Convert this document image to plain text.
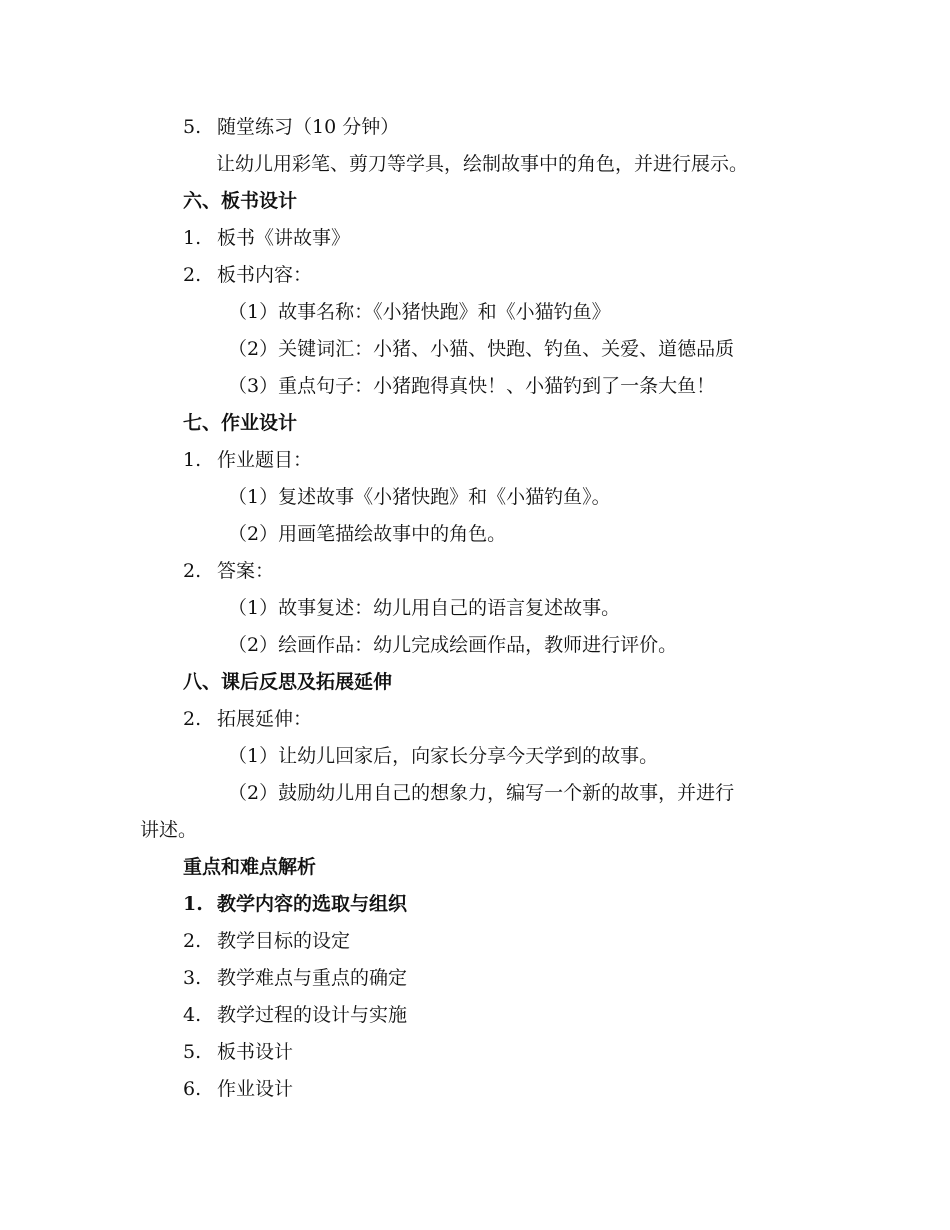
5. 随堂练习（10 分钟）
让幼儿用彩笔、剪刀等学具，绘制故事中的角色，并进行展示。
六、板书设计
1. 板书《讲故事》
2. 板书内容：
（1）故事名称：《小猪快跑》和《小猫钓鱼》
（2）关键词汇：小猪、小猫、快跑、钓鱼、关爱、道德品质
（3）重点句子：小猪跑得真快！、小猫钓到了一条大鱼！
七、作业设计
1. 作业题目：
（1）复述故事《小猪快跑》和《小猫钓鱼》。
（2）用画笔描绘故事中的角色。
2. 答案：
（1）故事复述：幼儿用自己的语言复述故事。
（2）绘画作品：幼儿完成绘画作品，教师进行评价。
八、课后反思及拓展延伸
2. 拓展延伸：
（1）让幼儿回家后，向家长分享今天学到的故事。
（2）鼓励幼儿用自己的想象力，编写一个新的故事，并进行
讲述。
重点和难点解析
1. 教学内容的选取与组织
2. 教学目标的设定
3. 教学难点与重点的确定
4. 教学过程的设计与实施
5. 板书设计
6. 作业设计
